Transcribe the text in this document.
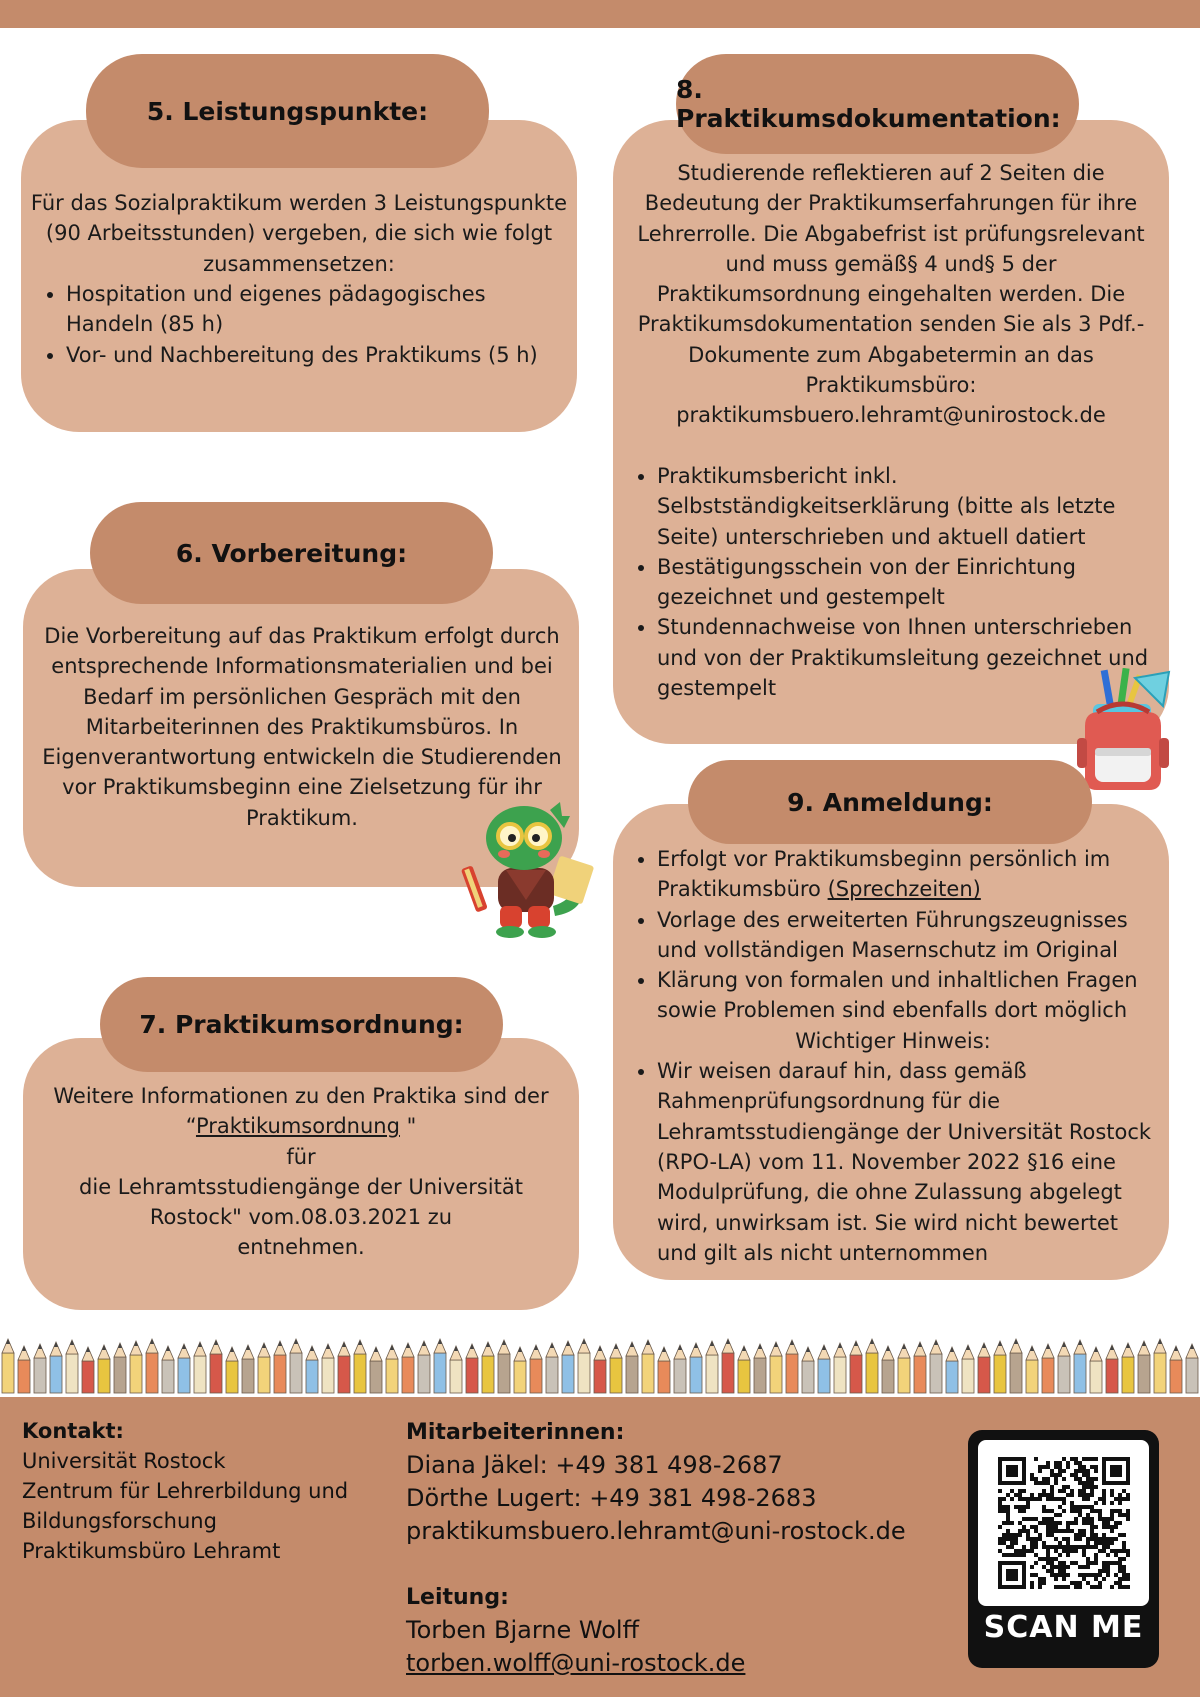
5. Leistungspunkte:
Für das Sozialpraktikum werden 3 Leistungspunkte
(90 Arbeitsstunden) vergeben, die sich wie folgt
zusammensetzen:
• Hospitation und eigenes pädagogisches
Handeln (85 h)
• Vor- und Nachbereitung des Praktikums (5 h)
6. Vorbereitung:
Die Vorbereitung auf das Praktikum erfolgt durch
entsprechende Informationsmaterialien und bei
Bedarf im persönlichen Gespräch mit den
Mitarbeiterinnen des Praktikumsbüros. In
Eigenverantwortung entwickeln die Studierenden
vor Praktikumsbeginn eine Zielsetzung für ihr
Praktikum.
7. Praktikumsordnung:
Weitere Informationen zu den Praktika sind der
“Praktikumsordnung "
für
die Lehramtsstudiengänge der Universität
Rostock" vom.08.03.2021 zu
entnehmen.
8. Praktikumsdokumentation:
Studierende reflektieren auf 2 Seiten die
Bedeutung der Praktikumserfahrungen für ihre
Lehrerrolle. Die Abgabefrist ist prüfungsrelevant
und muss gemäß§ 4 und§ 5 der
Praktikumsordnung eingehalten werden. Die
Praktikumsdokumentation senden Sie als 3 Pdf.-
Dokumente zum Abgabetermin an das
Praktikumsbüro:
praktikumsbuero.lehramt@unirostock.de
• Praktikumsbericht inkl.
Selbstständigkeitserklärung (bitte als letzte
Seite) unterschrieben und aktuell datiert
• Bestätigungsschein von der Einrichtung
gezeichnet und gestempelt
• Stundennachweise von Ihnen unterschrieben
und von der Praktikumsleitung gezeichnet und
gestempelt
9. Anmeldung:
• Erfolgt vor Praktikumsbeginn persönlich im
Praktikumsbüro (Sprechzeiten)
• Vorlage des erweiterten Führungszeugnisses
und vollständigen Masernschutz im Original
• Klärung von formalen und inhaltlichen Fragen
sowie Problemen sind ebenfalls dort möglich
Wichtiger Hinweis:
• Wir weisen darauf hin, dass gemäß
Rahmenprüfungsordnung für die
Lehramtsstudiengänge der Universität Rostock
(RPO-LA) vom 11. November 2022 §16 eine
Modulprüfung, die ohne Zulassung abgelegt
wird, unwirksam ist. Sie wird nicht bewertet
und gilt als nicht unternommen
Kontakt:
Universität Rostock
Zentrum für Lehrerbildung und
Bildungsforschung
Praktikumsbüro Lehramt
Mitarbeiterinnen:
Diana Jäkel: +49 381 498-2687
Dörthe Lugert: +49 381 498-2683
praktikumsbuero.lehramt@uni-rostock.de
Leitung:
Torben Bjarne Wolff
torben.wolff@uni-rostock.de
SCAN ME
